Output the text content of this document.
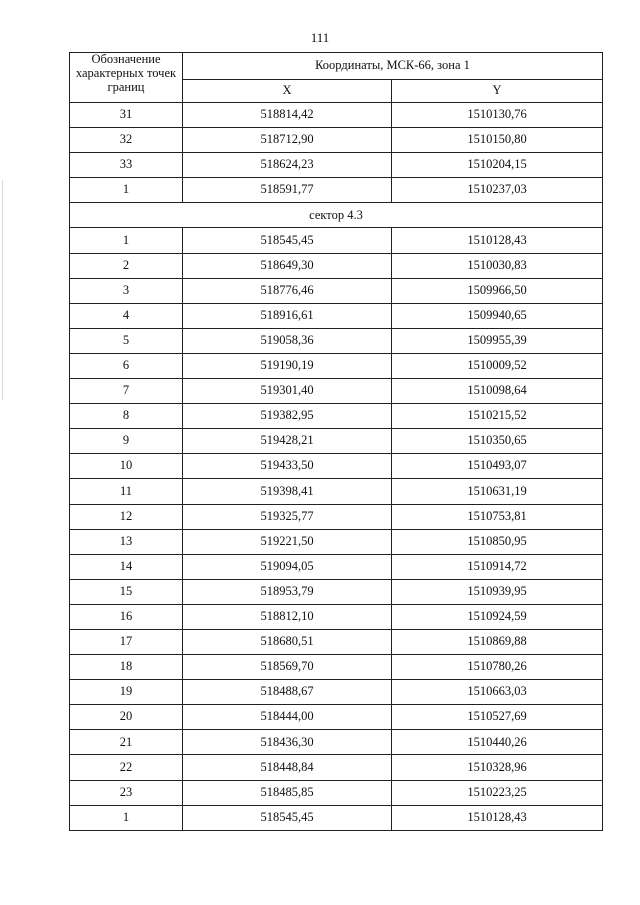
111
Обозначение характерных точек границ	Координаты, МСК-66, зона 1	
	X	Y
31	518814,42	1510130,76
32	518712,90	1510150,80
33	518624,23	1510204,15
1	518591,77	1510237,03
сектор 4.3		
1	518545,45	1510128,43
2	518649,30	1510030,83
3	518776,46	1509966,50
4	518916,61	1509940,65
5	519058,36	1509955,39
6	519190,19	1510009,52
7	519301,40	1510098,64
8	519382,95	1510215,52
9	519428,21	1510350,65
10	519433,50	1510493,07
11	519398,41	1510631,19
12	519325,77	1510753,81
13	519221,50	1510850,95
14	519094,05	1510914,72
15	518953,79	1510939,95
16	518812,10	1510924,59
17	518680,51	1510869,88
18	518569,70	1510780,26
19	518488,67	1510663,03
20	518444,00	1510527,69
21	518436,30	1510440,26
22	518448,84	1510328,96
23	518485,85	1510223,25
1	518545,45	1510128,43
